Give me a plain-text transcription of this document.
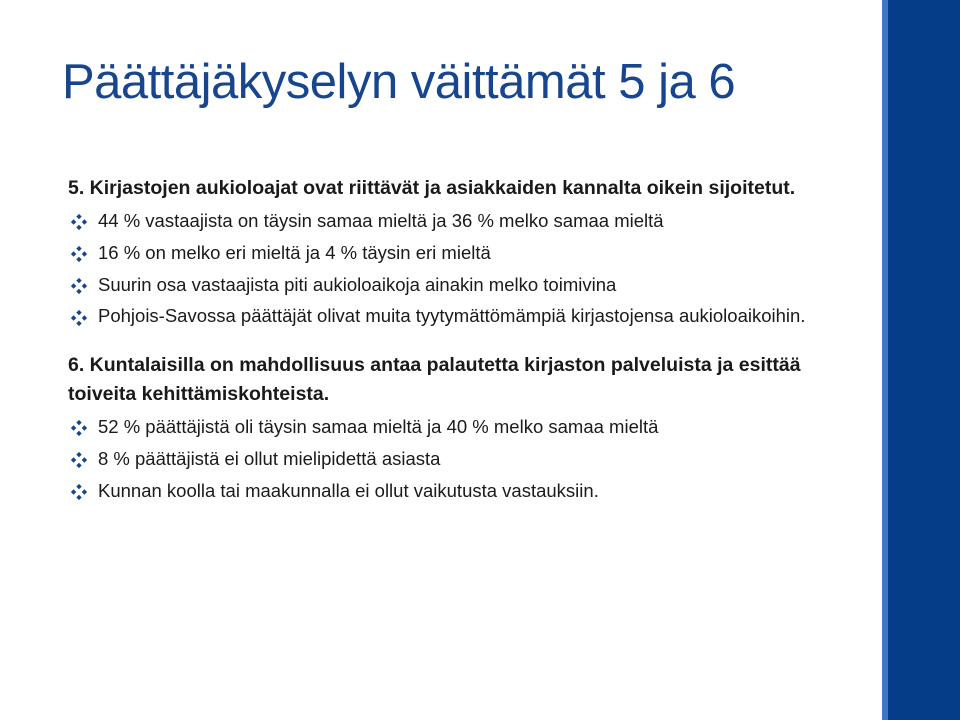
Päättäjäkyselyn väittämät 5 ja 6
5. Kirjastojen aukioloajat ovat riittävät ja asiakkaiden kannalta oikein sijoitetut.
44 % vastaajista on täysin samaa mieltä ja 36 % melko samaa mieltä
16 % on melko eri mieltä ja 4 % täysin eri mieltä
Suurin osa vastaajista piti aukioloaikoja ainakin melko toimivina
Pohjois-Savossa päättäjät olivat muita tyytymättömämpiä kirjastojensa aukioloaikoihin.
6. Kuntalaisilla on mahdollisuus antaa palautetta kirjaston palveluista ja esittää toiveita kehittämiskohteista.
52 % päättäjistä oli täysin samaa mieltä ja 40 % melko samaa mieltä
8 % päättäjistä ei ollut mielipidettä asiasta
Kunnan koolla tai maakunnalla ei ollut vaikutusta vastauksiin.
